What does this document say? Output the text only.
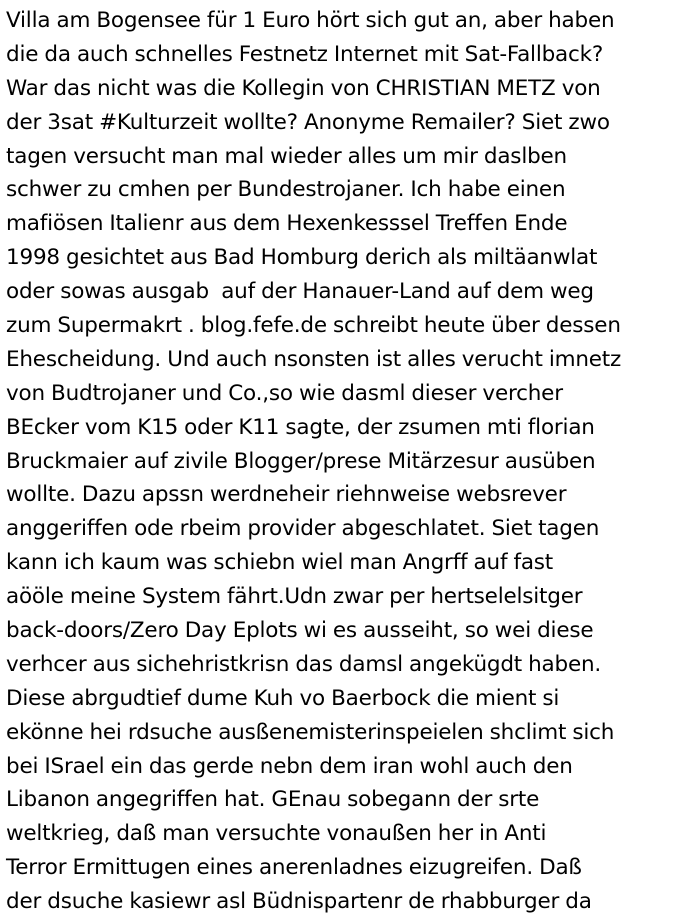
Villa am Bogensee für 1 Euro hört sich gut an, aber haben
die da auch schnelles Festnetz Internet mit Sat-Fallback?
War das nicht was die Kollegin von CHRISTIAN METZ von
der 3sat #Kulturzeit wollte? Anonyme Remailer? Siet zwo
tagen versucht man mal wieder alles um mir daslben
schwer zu cmhen per Bundestrojaner. Ich habe einen
mafiösen Italienr aus dem Hexenkesssel Treffen Ende
1998 gesichtet aus Bad Homburg derich als miltäanwlat
oder sowas ausgab  auf der Hanauer-Land auf dem weg
zum Supermakrt . blog.fefe.de schreibt heute über dessen
Ehescheidung. Und auch nsonsten ist alles verucht imnetz
von Budtrojaner und Co.,so wie dasml dieser vercher
BEcker vom K15 oder K11 sagte, der zsumen mti florian
Bruckmaier auf zivile Blogger/prese Mitärzesur ausüben
wollte. Dazu apssn werdneheir riehnweise websrever
anggeriffen ode rbeim provider abgeschlatet. Siet tagen
kann ich kaum was schiebn wiel man Angrff auf fast
aööle meine System fährt.Udn zwar per hertselelsitger
back-doors/Zero Day Eplots wi es ausseiht, so wei diese
verhcer aus sichehristkrisn das damsl angekügdt haben.
Diese abrgudtief dume Kuh vo Baerbock die mient si
ekönne hei rdsuche ausßenemisterinspeielen shclimt sich
bei ISrael ein das gerde nebn dem iran wohl auch den
Libanon angegriffen hat. GEnau sobegann der srte
weltkrieg, daß man versuchte vonaußen her in Anti
Terror Ermittugen eines anerenladnes eizugreifen. Daß
der dsuche kasiewr asl Büdnispartenr de rhabburger da
